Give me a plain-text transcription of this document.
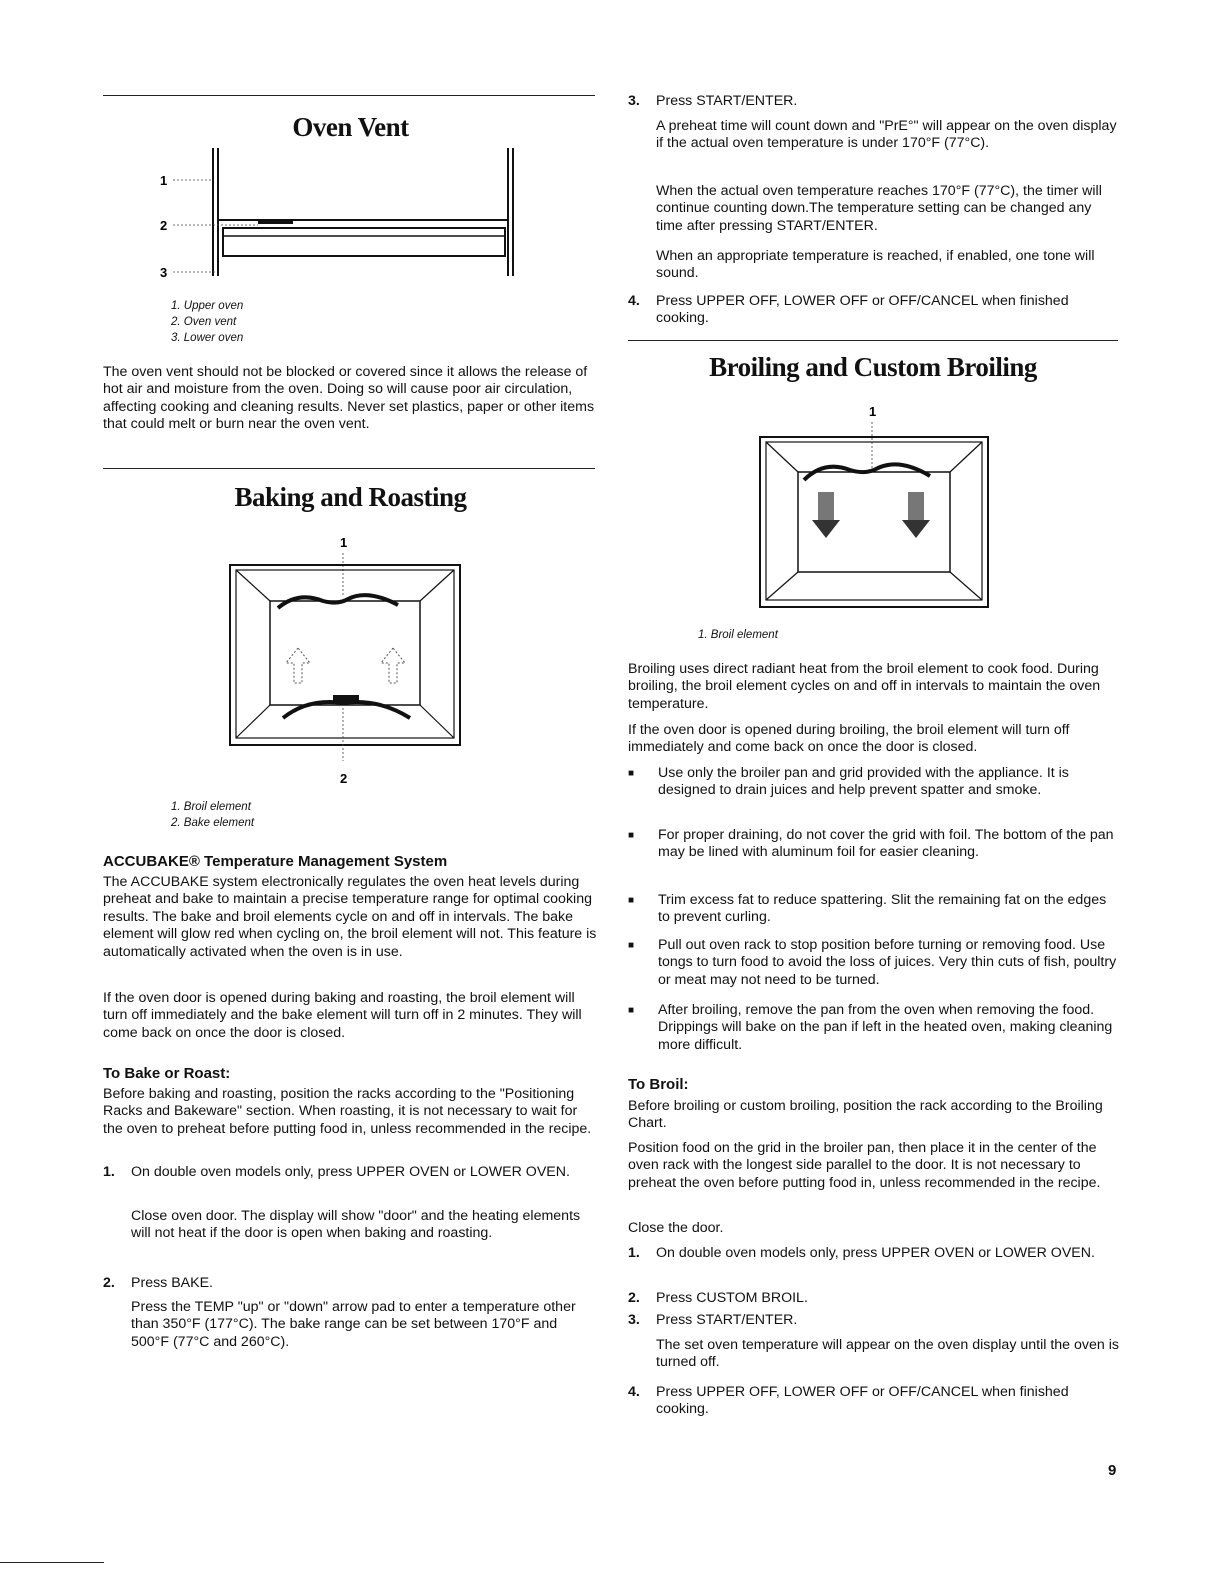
Oven Vent
1
2
3
1. Upper oven
2. Oven vent
3. Lower oven

The oven vent should not be blocked or covered since it allows the release of hot air and moisture from the oven. Doing so will cause poor air circulation, affecting cooking and cleaning results. Never set plastics, paper or other items that could melt or burn near the oven vent.

Baking and Roasting
1
2
1. Broil element
2. Bake element
ACCUBAKE® Temperature Management System

The ACCUBAKE system electronically regulates the oven heat levels during preheat and bake to maintain a precise temperature range for optimal cooking results. The bake and broil elements cycle on and off in intervals. The bake element will glow red when cycling on, the broil element will not. This feature is automatically activated when the oven is in use.

If the oven door is opened during baking and roasting, the broil element will turn off immediately and the bake element will turn off in 2 minutes. They will come back on once the door is closed.

To Bake or Roast:

Before baking and roasting, position the racks according to the "Positioning Racks and Bakeware" section. When roasting, it is not necessary to wait for the oven to preheat before putting food in, unless recommended in the recipe.

1. On double oven models only, press UPPER OVEN or LOWER OVEN.
Close oven door. The display will show "door" and the heating elements will not heat if the door is open when baking and roasting.
2. Press BAKE.
Press the TEMP "up" or "down" arrow pad to enter a temperature other than 350°F (177°C). The bake range can be set between 170°F and 500°F (77°C and 260°C).
3. Press START/ENTER.
A preheat time will count down and "PrE°" will appear on the oven display if the actual oven temperature is under 170°F (77°C).
When the actual oven temperature reaches 170°F (77°C), the timer will continue counting down.The temperature setting can be changed any time after pressing START/ENTER.
When an appropriate temperature is reached, if enabled, one tone will sound.
4. Press UPPER OFF, LOWER OFF or OFF/CANCEL when finished cooking.
Broiling and Custom Broiling
1
1. Broil element

Broiling uses direct radiant heat from the broil element to cook food. During broiling, the broil element cycles on and off in intervals to maintain the oven temperature.

If the oven door is opened during broiling, the broil element will turn off immediately and come back on once the door is closed.

■ Use only the broiler pan and grid provided with the appliance. It is designed to drain juices and help prevent spatter and smoke.
■ For proper draining, do not cover the grid with foil. The bottom of the pan may be lined with aluminum foil for easier cleaning.
■ Trim excess fat to reduce spattering. Slit the remaining fat on the edges to prevent curling.
■ Pull out oven rack to stop position before turning or removing food. Use tongs to turn food to avoid the loss of juices. Very thin cuts of fish, poultry or meat may not need to be turned.
■ After broiling, remove the pan from the oven when removing the food. Drippings will bake on the pan if left in the heated oven, making cleaning more difficult.
To Broil:

Before broiling or custom broiling, position the rack according to the Broiling Chart.

Position food on the grid in the broiler pan, then place it in the center of the oven rack with the longest side parallel to the door. It is not necessary to preheat the oven before putting food in, unless recommended in the recipe.

Close the door.

1. On double oven models only, press UPPER OVEN or LOWER OVEN.
2. Press CUSTOM BROIL.
3. Press START/ENTER.
The set oven temperature will appear on the oven display until the oven is turned off.
4. Press UPPER OFF, LOWER OFF or OFF/CANCEL when finished cooking.
9
